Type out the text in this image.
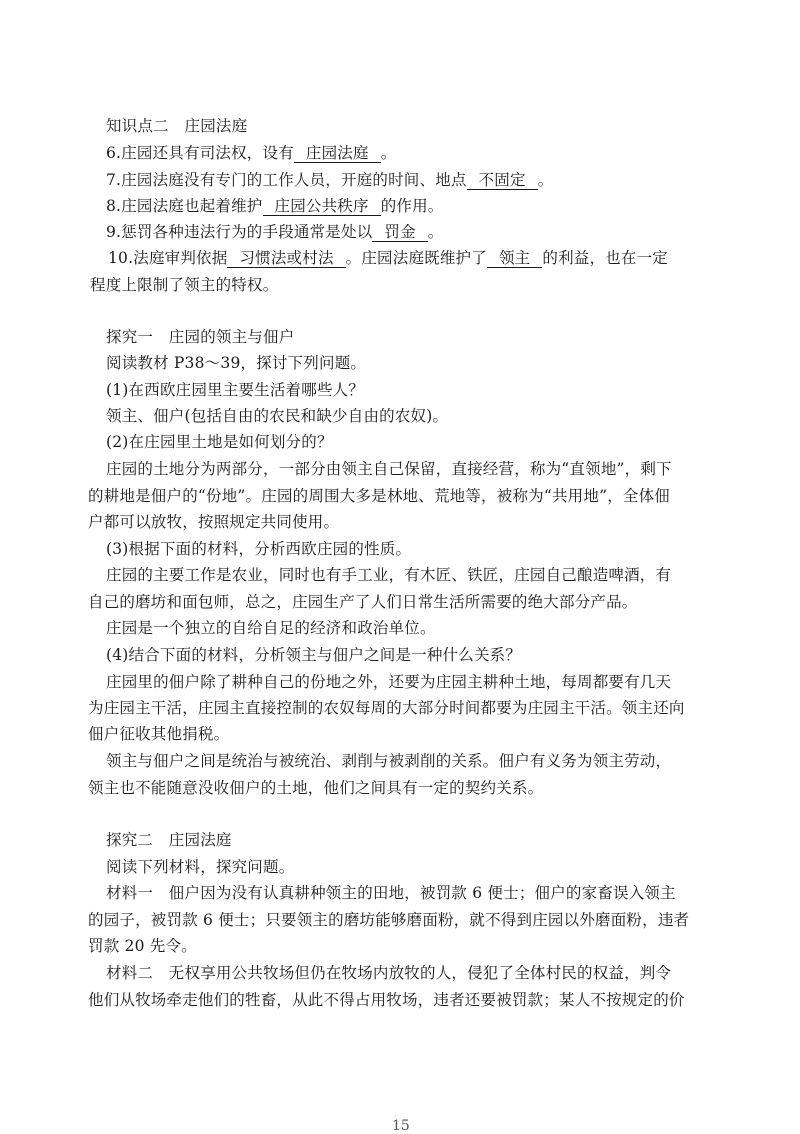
知识点二　庄园法庭
6.庄园还具有司法权，设有 庄园法庭 。
7.庄园法庭没有专门的工作人员，开庭的时间、地点 不固定 。
8.庄园法庭也起着维护 庄园公共秩序 的作用。
9.惩罚各种违法行为的手段通常是处以 罚金 。
10.法庭审判依据 习惯法或村法 。庄园法庭既维护了 领主 的利益，也在一定
程度上限制了领主的特权。
探究一　庄园的领主与佃户
阅读教材 P38～39，探讨下列问题。
(1)在西欧庄园里主要生活着哪些人？
领主、佃户(包括自由的农民和缺少自由的农奴)。
(2)在庄园里土地是如何划分的？
庄园的土地分为两部分，一部分由领主自己保留，直接经营，称为“直领地”，剩下
的耕地是佃户的“份地”。庄园的周围大多是林地、荒地等，被称为“共用地”，全体佃
户都可以放牧，按照规定共同使用。
(3)根据下面的材料，分析西欧庄园的性质。
庄园的主要工作是农业，同时也有手工业，有木匠、铁匠，庄园自己酿造啤酒，有
自己的磨坊和面包师，总之，庄园生产了人们日常生活所需要的绝大部分产品。
庄园是一个独立的自给自足的经济和政治单位。
(4)结合下面的材料，分析领主与佃户之间是一种什么关系？
庄园里的佃户除了耕种自己的份地之外，还要为庄园主耕种土地，每周都要有几天
为庄园主干活，庄园主直接控制的农奴每周的大部分时间都要为庄园主干活。领主还向
佃户征收其他捐税。
领主与佃户之间是统治与被统治、剥削与被剥削的关系。佃户有义务为领主劳动，
领主也不能随意没收佃户的土地，他们之间具有一定的契约关系。
探究二　庄园法庭
阅读下列材料，探究问题。
材料一　佃户因为没有认真耕种领主的田地，被罚款 6 便士；佃户的家畜误入领主
的园子，被罚款 6 便士；只要领主的磨坊能够磨面粉，就不得到庄园以外磨面粉，违者
罚款 20 先令。
材料二　无权享用公共牧场但仍在牧场内放牧的人，侵犯了全体村民的权益，判令
他们从牧场牵走他们的牲畜，从此不得占用牧场，违者还要被罚款；某人不按规定的价
15
